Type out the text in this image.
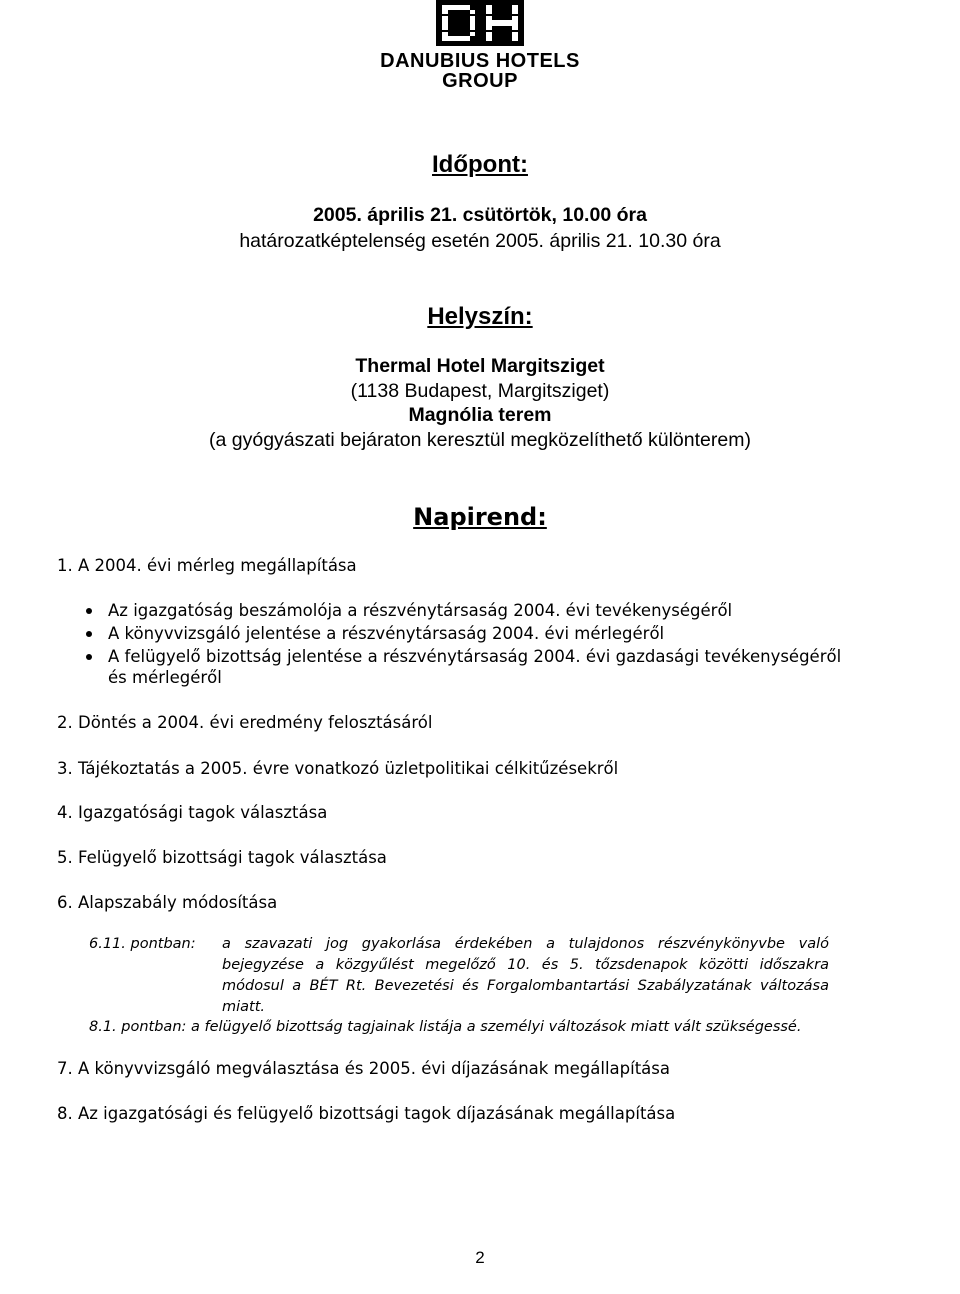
DANUBIUS HOTELS
GROUP
Időpont:
2005. április 21. csütörtök, 10.00 óra
határozatképtelenség esetén 2005. április 21. 10.30 óra
Helyszín:
Thermal Hotel Margitsziget
(1138 Budapest, Margitsziget)
Magnólia terem
(a gyógyászati bejáraton keresztül megközelíthető különterem)
Napirend:
1. A 2004. évi mérleg megállapítása
Az igazgatóság beszámolója a részvénytársaság 2004. évi tevékenységéről
A könyvvizsgáló jelentése a részvénytársaság 2004. évi mérlegéről
A felügyelő bizottság jelentése a részvénytársaság 2004. évi gazdasági tevékenységéről
és mérlegéről
2. Döntés a 2004. évi eredmény felosztásáról
3. Tájékoztatás a 2005. évre vonatkozó üzletpolitikai célkitűzésekről
4. Igazgatósági tagok választása
5. Felügyelő bizottsági tagok választása
6. Alapszabály módosítása
6.11. pontban: a szavazati jog gyakorlása érdekében a tulajdonos részvénykönyvbe való bejegyzése a közgyűlést megelőző 10. és 5. tőzsdenapok közötti időszakra módosul a BÉT Rt. Bevezetési és Forgalombantartási Szabályzatának változása miatt.
8.1. pontban: a felügyelő bizottság tagjainak listája a személyi változások miatt vált szükségessé.
7. A könyvvizsgáló megválasztása és 2005. évi díjazásának megállapítása
8. Az igazgatósági és felügyelő bizottsági tagok díjazásának megállapítása
2
